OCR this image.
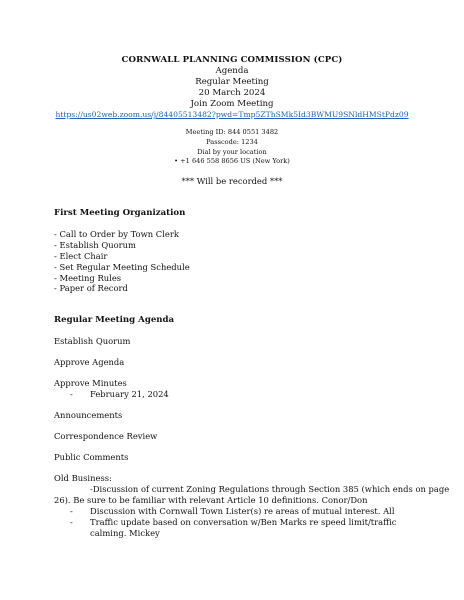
CORNWALL PLANNING COMMISSION (CPC)
Agenda
Regular Meeting
20 March 2024
Join Zoom Meeting
https://us02web.zoom.us/j/84405513482?pwd=Tmp5ZThSMk5Id3BWMU9SNldHMStPdz09
Meeting ID: 844 0551 3482
Passcode: 1234
Dial by your location
• +1 646 558 8656 US (New York)
*** Will be recorded ***
First Meeting Organization
- Call to Order by Town Clerk
- Establish Quorum
- Elect Chair
- Set Regular Meeting Schedule
- Meeting Rules
- Paper of Record
Regular Meeting Agenda
Establish Quorum
Approve Agenda
Approve Minutes
- February 21, 2024
Announcements
Correspondence Review
Public Comments
Old Business:
-Discussion of current Zoning Regulations through Section 385 (which ends on page
26). Be sure to be familiar with relevant Article 10 definitions. Conor/Don
- Discussion with Cornwall Town Lister(s) re areas of mutual interest. All
- Traffic update based on conversation w/Ben Marks re speed limit/traffic calming. Mickey
